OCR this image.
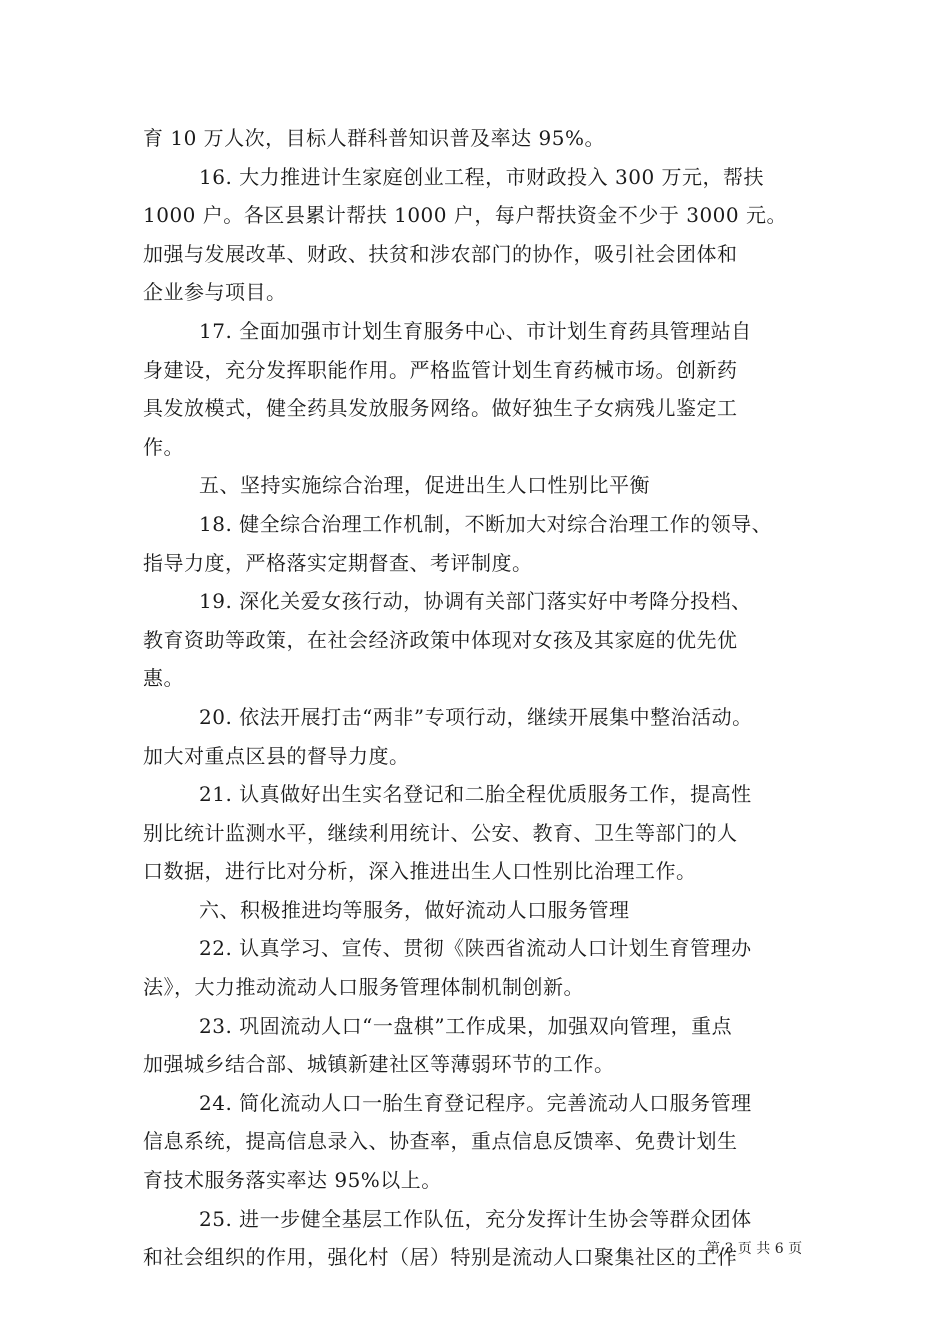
育 10 万人次，目标人群科普知识普及率达 95%。
16. 大力推进计生家庭创业工程，市财政投入 300 万元，帮扶
1000 户。各区县累计帮扶 1000 户，每户帮扶资金不少于 3000 元。
加强与发展改革、财政、扶贫和涉农部门的协作，吸引社会团体和
企业参与项目。
17. 全面加强市计划生育服务中心、市计划生育药具管理站自
身建设，充分发挥职能作用。严格监管计划生育药械市场。创新药
具发放模式，健全药具发放服务网络。做好独生子女病残儿鉴定工
作。
五、坚持实施综合治理，促进出生人口性别比平衡
18. 健全综合治理工作机制，不断加大对综合治理工作的领导、
指导力度，严格落实定期督查、考评制度。
19. 深化关爱女孩行动，协调有关部门落实好中考降分投档、
教育资助等政策，在社会经济政策中体现对女孩及其家庭的优先优
惠。
20. 依法开展打击“两非”专项行动，继续开展集中整治活动。
加大对重点区县的督导力度。
21. 认真做好出生实名登记和二胎全程优质服务工作，提高性
别比统计监测水平，继续利用统计、公安、教育、卫生等部门的人
口数据，进行比对分析，深入推进出生人口性别比治理工作。
六、积极推进均等服务，做好流动人口服务管理
22. 认真学习、宣传、贯彻《陕西省流动人口计划生育管理办
法》，大力推动流动人口服务管理体制机制创新。
23. 巩固流动人口“一盘棋”工作成果，加强双向管理，重点
加强城乡结合部、城镇新建社区等薄弱环节的工作。
24. 简化流动人口一胎生育登记程序。完善流动人口服务管理
信息系统，提高信息录入、协查率，重点信息反馈率、免费计划生
育技术服务落实率达 95%以上。
25. 进一步健全基层工作队伍，充分发挥计生协会等群众团体
和社会组织的作用，强化村（居）特别是流动人口聚集社区的工作
第 3 页 共 6 页
